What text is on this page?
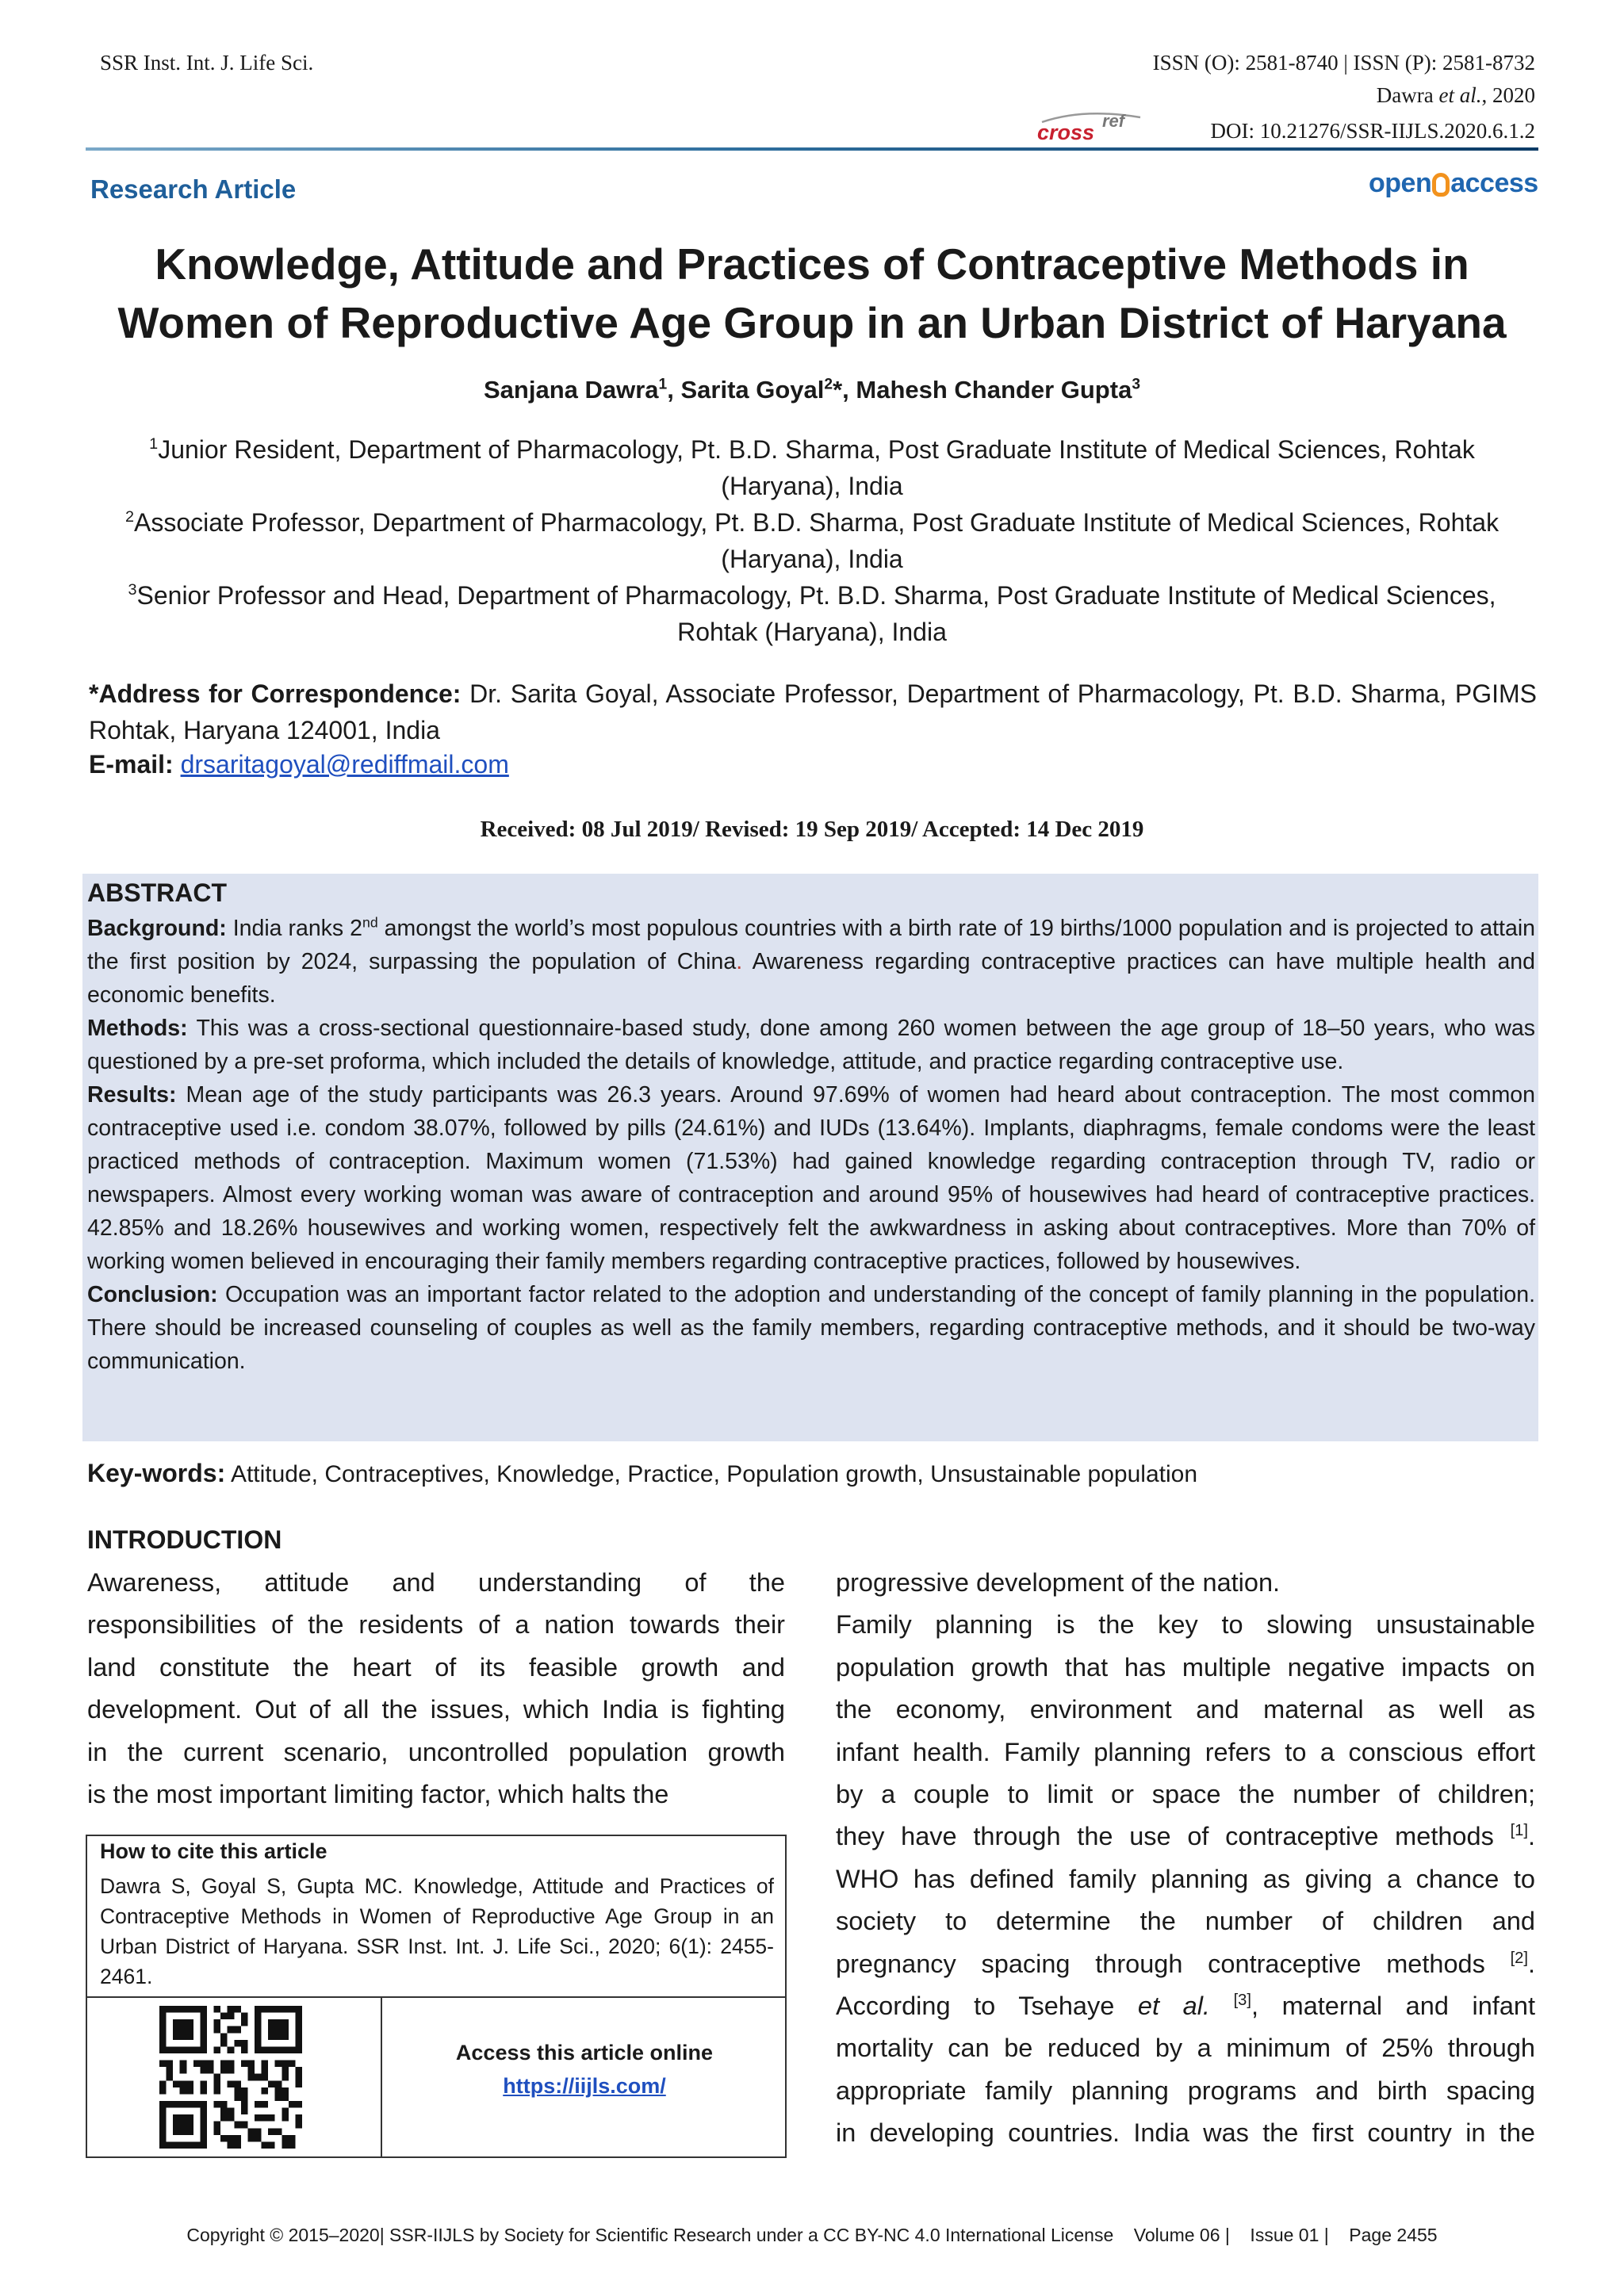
SSR Inst. Int. J. Life Sci.	ISSN (O): 2581-8740 | ISSN (P): 2581-8732
Dawra et al., 2020
cross ref	DOI: 10.21276/SSR-IIJLS.2020.6.1.2
Research Article	open access
Knowledge, Attitude and Practices of Contraceptive Methods in
Women of Reproductive Age Group in an Urban District of Haryana
Sanjana Dawra$^1$, Sarita Goyal$^2$*, Mahesh Chander Gupta$^3$
$^1$Junior Resident, Department of Pharmacology, Pt. B.D. Sharma, Post Graduate Institute of Medical Sciences, Rohtak
(Haryana), India
$^2$Associate Professor, Department of Pharmacology, Pt. B.D. Sharma, Post Graduate Institute of Medical Sciences, Rohtak
(Haryana), India
$^3$Senior Professor and Head, Department of Pharmacology, Pt. B.D. Sharma, Post Graduate Institute of Medical Sciences,
Rohtak (Haryana), India
*Address for Correspondence: Dr. Sarita Goyal, Associate Professor, Department of Pharmacology, Pt. B.D. Sharma, PGIMS Rohtak, Haryana 124001, India
E-mail: drsaritagoyal@rediffmail.com
Received: 08 Jul 2019/ Revised: 19 Sep 2019/ Accepted: 14 Dec 2019
ABSTRACT

Background: India ranks 2nd amongst the world’s most populous countries with a birth rate of 19 births/1000 population and is projected to attain the first position by 2024, surpassing the population of China. Awareness regarding contraceptive practices can have multiple health and economic benefits.

Methods: This was a cross-sectional questionnaire-based study, done among 260 women between the age group of 18–50 years, who was questioned by a pre-set proforma, which included the details of knowledge, attitude, and practice regarding contraceptive use.

Results: Mean age of the study participants was 26.3 years. Around 97.69% of women had heard about contraception. The most common contraceptive used i.e. condom 38.07%, followed by pills (24.61%) and IUDs (13.64%). Implants, diaphragms, female condoms were the least practiced methods of contraception. Maximum women (71.53%) had gained knowledge regarding contraception through TV, radio or newspapers. Almost every working woman was aware of contraception and around 95% of housewives had heard of contraceptive practices. 42.85% and 18.26% housewives and working women, respectively felt the awkwardness in asking about contraceptives. More than 70% of working women believed in encouraging their family members regarding contraceptive practices, followed by housewives.

Conclusion: Occupation was an important factor related to the adoption and understanding of the concept of family planning in the population. There should be increased counseling of couples as well as the family members, regarding contraceptive methods, and it should be two-way communication.

Key-words: Attitude, Contraceptives, Knowledge, Practice, Population growth, Unsustainable population
INTRODUCTION
Awareness, attitude and understanding of the
responsibilities of the residents of a nation towards their
land constitute the heart of its feasible growth and
development. Out of all the issues, which India is fighting
in the current scenario, uncontrolled population growth
is the most important limiting factor, which halts the
progressive development of the nation.
Family planning is the key to slowing unsustainable
population growth that has multiple negative impacts on
the economy, environment and maternal as well as
infant health. Family planning refers to a conscious effort
by a couple to limit or space the number of children;
they have through the use of contraceptive methods [1].
WHO has defined family planning as giving a chance to
society to determine the number of children and
pregnancy spacing through contraceptive methods [2].
According to Tsehaye et al. [3], maternal and infant
mortality can be reduced by a minimum of 25% through
appropriate family planning programs and birth spacing
in developing countries. India was the first country in the
How to cite this article
Dawra S, Goyal S, Gupta MC. Knowledge, Attitude and Practices of Contraceptive Methods in Women of Reproductive Age Group in an Urban District of Haryana. SSR Inst. Int. J. Life Sci., 2020; 6(1): 2455-2461.
Access this article online
https://iijls.com/
Copyright © 2015–2020| SSR-IIJLS by Society for Scientific Research under a CC BY-NC 4.0 International License    Volume 06 |    Issue 01 |    Page 2455
